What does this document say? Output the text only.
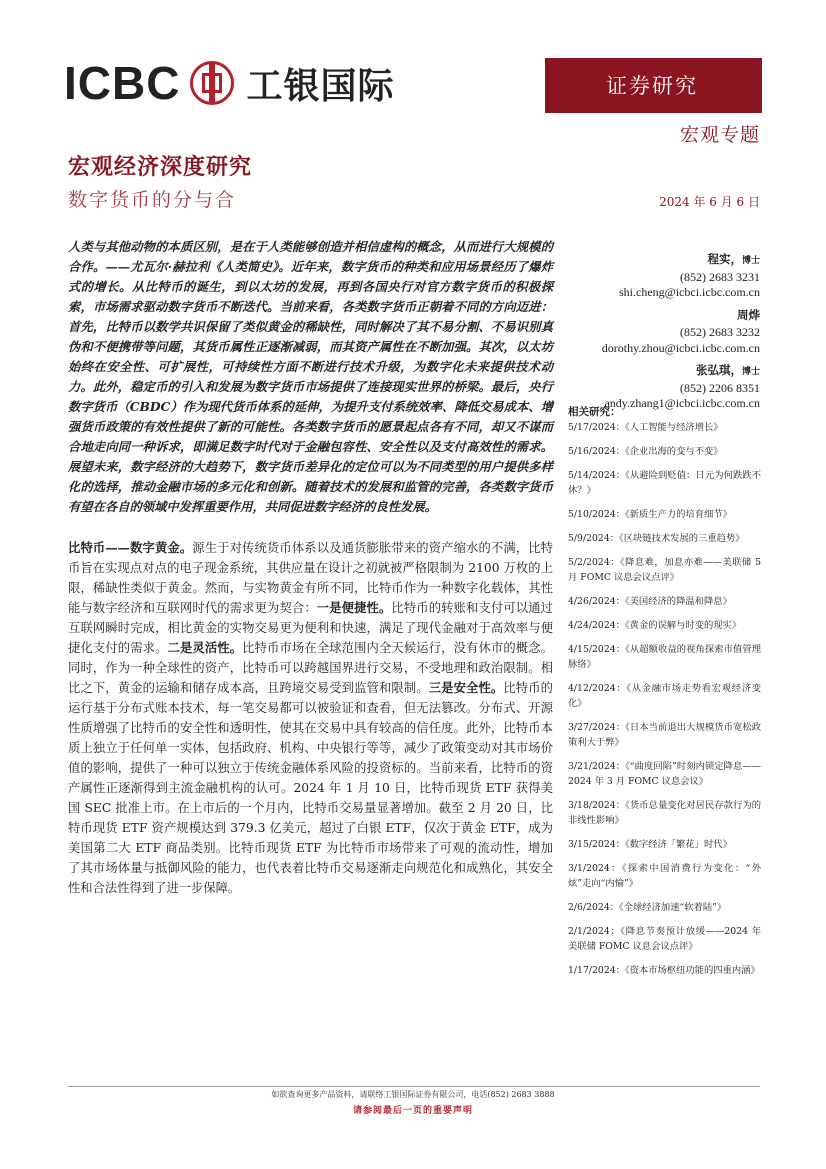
ICBC 工银国际	证券研究
宏观专题
宏观经济深度研究
数字货币的分与合	2024 年 6 月 6 日
人类与其他动物的本质区别，是在于人类能够创造并相信虚构的概念，从而进行大规模的合作。——尤瓦尔·赫拉利《人类简史》。近年来，数字货币的种类和应用场景经历了爆炸式的增长。从比特币的诞生，到以太坊的发展，再到各国央行对官方数字货币的积极探索，市场需求驱动数字货币不断迭代。当前来看，各类数字货币正朝着不同的方向迈进：首先，比特币以数学共识保留了类似黄金的稀缺性，同时解决了其不易分割、不易识别真伪和不便携带等问题，其货币属性正逐渐减弱，而其资产属性在不断加强。其次，以太坊始终在安全性、可扩展性，可持续性方面不断进行技术升级，为数字化未来提供技术动力。此外，稳定币的引入和发展为数字货币市场提供了连接现实世界的桥梁。最后，央行数字货币（CBDC）作为现代货币体系的延伸，为提升支付系统效率、降低交易成本、增强货币政策的有效性提供了新的可能性。各类数字货币的愿景起点各有不同，却又不谋而合地走向同一种诉求，即满足数字时代对于金融包容性、安全性以及支付高效性的需求。展望未来，数字经济的大趋势下，数字货币差异化的定位可以为不同类型的用户提供多样化的选择，推动金融市场的多元化和创新。随着技术的发展和监管的完善，各类数字货币有望在各自的领域中发挥重要作用，共同促进数字经济的良性发展。
比特币——数字黄金。源生于对传统货币体系以及通货膨胀带来的资产缩水的不满，比特币旨在实现点对点的电子现金系统，其供应量在设计之初就被严格限制为 2100 万枚的上限，稀缺性类似于黄金。然而，与实物黄金有所不同，比特币作为一种数字化载体，其性能与数字经济和互联网时代的需求更为契合：一是便捷性。比特币的转账和支付可以通过互联网瞬时完成，相比黄金的实物交易更为便利和快速，满足了现代金融对于高效率与便捷化支付的需求。二是灵活性。比特币市场在全球范围内全天候运行，没有休市的概念。同时，作为一种全球性的资产，比特币可以跨越国界进行交易，不受地理和政治限制。相比之下，黄金的运输和储存成本高，且跨境交易受到监管和限制。三是安全性。比特币的运行基于分布式账本技术，每一笔交易都可以被验证和查看，但无法篡改。分布式、开源性质增强了比特币的安全性和透明性，使其在交易中具有较高的信任度。此外，比特币本质上独立于任何单一实体，包括政府、机构、中央银行等等，减少了政策变动对其市场价值的影响，提供了一种可以独立于传统金融体系风险的投资标的。当前来看，比特币的资产属性正逐渐得到主流金融机构的认可。2024 年 1 月 10 日，比特币现货 ETF 获得美国 SEC 批准上市。在上市后的一个月内，比特币交易量显著增加。截至 2 月 20 日，比特币现货 ETF 资产规模达到 379.3 亿美元，超过了白银 ETF，仅次于黄金 ETF，成为美国第二大 ETF 商品类别。比特币现货 ETF 为比特币市场带来了可观的流动性，增加了其市场体量与抵御风险的能力，也代表着比特币交易逐渐走向规范化和成熟化，其安全性和合法性得到了进一步保障。
程实，博士
(852) 2683 3231
shi.cheng@icbci.icbc.com.cn
周烨
(852) 2683 3232
dorothy.zhou@icbci.icbc.com.cn
张弘琪，博士
(852) 2206 8351
andy.zhang1@icbci.icbc.com.cn
相关研究：
5/17/2024：《人工智能与经济增长》
5/16/2024：《企业出海的变与不变》
5/14/2024：《从避险到贬值：日元为何跌跌不休？》
5/10/2024：《新质生产力的培育细节》
5/9/2024：《区块链技术发展的三重趋势》
5/2/2024：《降息难，加息亦难——美联储 5 月 FOMC 议息会议点评》
4/26/2024：《美国经济的降温和降息》
4/24/2024：《黄金的误解与时变的现实》
4/15/2024：《从超额收益的视角探索市值管理脉络》
4/12/2024：《从金融市场走势看宏观经济变化》
3/27/2024：《日本当前退出大规模货币宽松政策利大于弊》
3/21/2024：《“曲度回陷”时刻内锁定降息——2024 年 3 月 FOMC 议息会议》
3/18/2024：《货币总量变化对居民存款行为的非线性影响》
3/15/2024：《数字经济「繁花」时代》
3/1/2024：《探索中国消费行为变化：“外炫”走向“内愉”》
2/6/2024：《全球经济加速“软着陆”》
2/1/2024：《降息节奏预计放缓——2024 年美联储 FOMC 议息会议点评》
1/17/2024：《资本市场枢纽功能的四重内涵》
如欲查询更多产品资料，请联络工银国际证券有限公司，电话(852) 2683 3888
请参阅最后一页的重要声明
